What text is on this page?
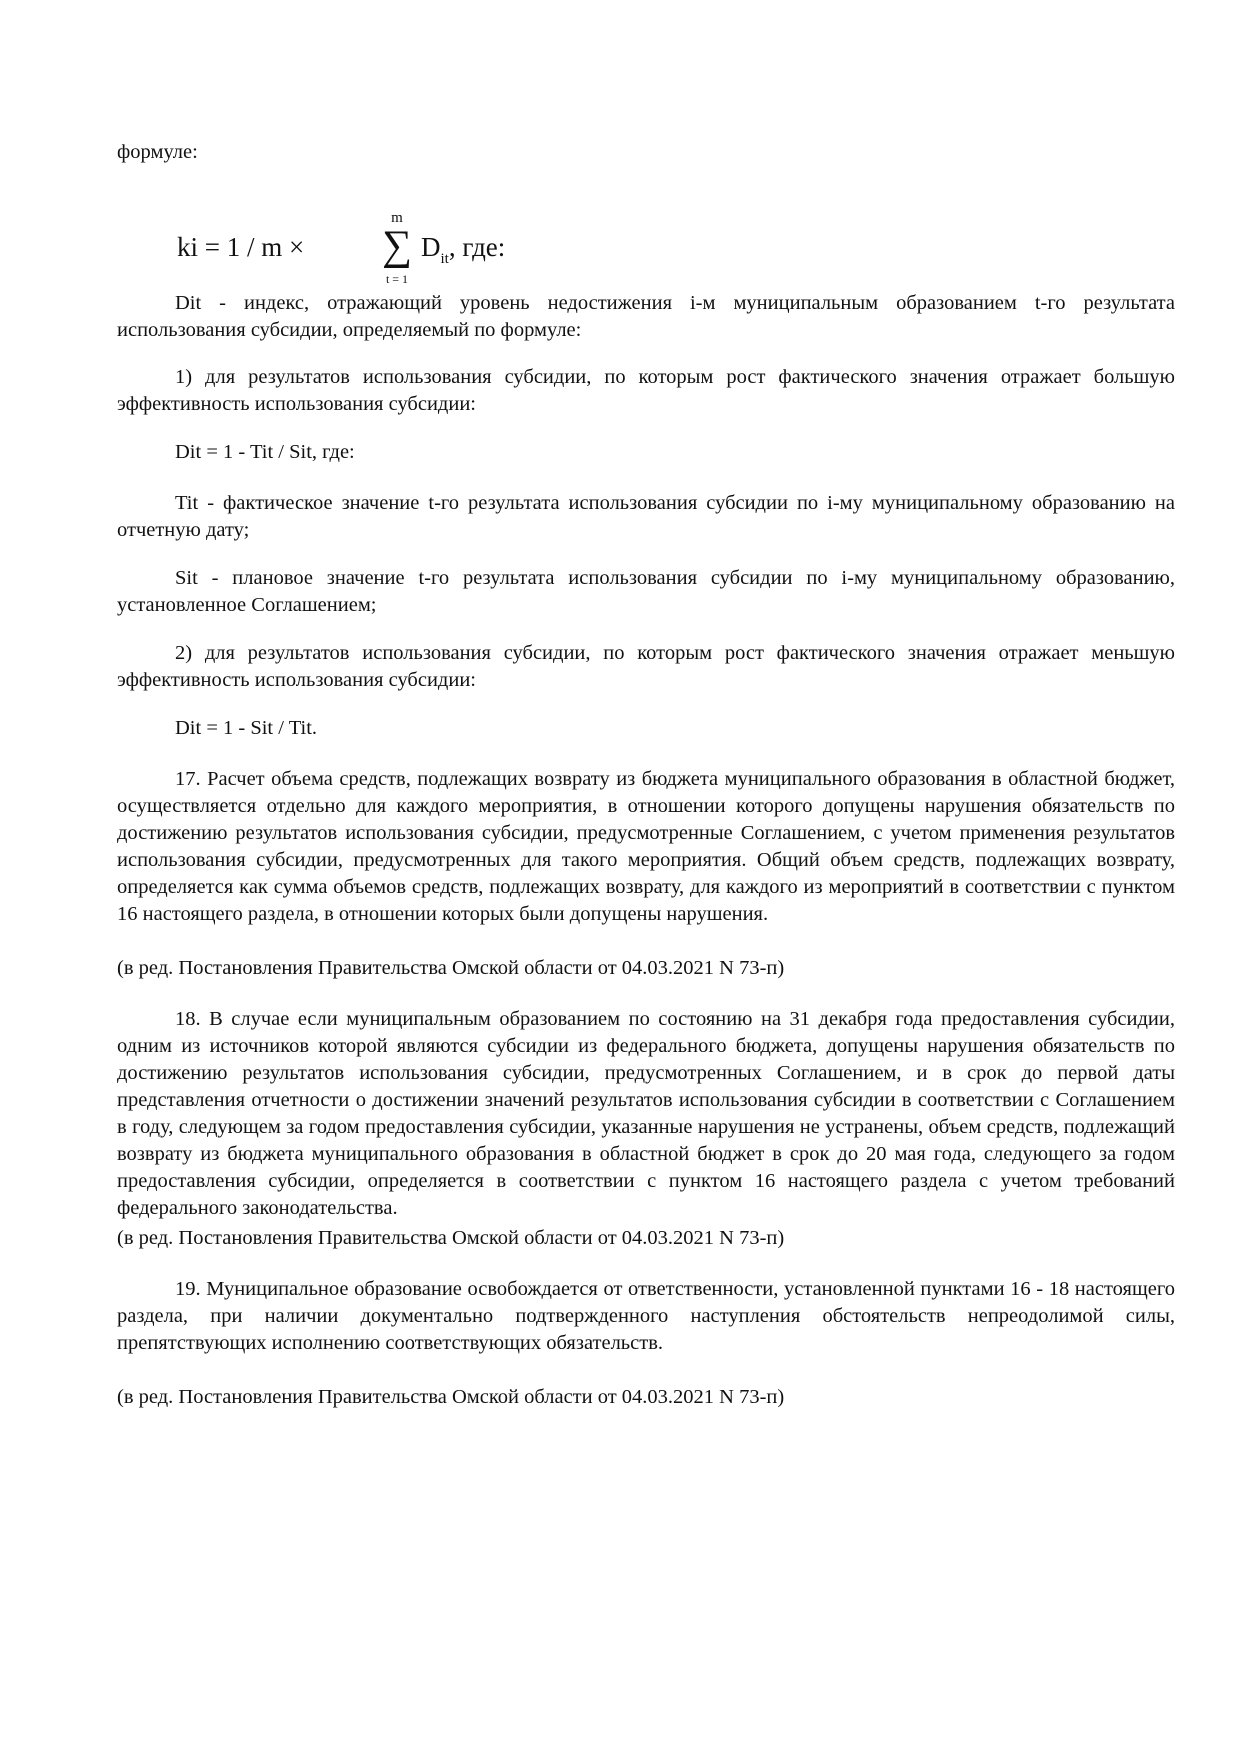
формуле:

ki = 1 / m ×
m
∑
t = 1
$D_{it}$, где:

Dit - индекс, отражающий уровень недостижения i-м муниципальным образованием t-го результата использования субсидии, определяемый по формуле:

1) для результатов использования субсидии, по которым рост фактического значения отражает большую эффективность использования субсидии:

Dit = 1 - Tit / Sit, где:

Tit - фактическое значение t-го результата использования субсидии по i-му муниципальному образованию на отчетную дату;

Sit - плановое значение t-го результата использования субсидии по i-му муниципальному образованию, установленное Соглашением;

2) для результатов использования субсидии, по которым рост фактического значения отражает меньшую эффективность использования субсидии:

Dit = 1 - Sit / Tit.

17. Расчет объема средств, подлежащих возврату из бюджета муниципального образования в областной бюджет, осуществляется отдельно для каждого мероприятия, в отношении которого допущены нарушения обязательств по достижению результатов использования субсидии, предусмотренные Соглашением, с учетом применения результатов использования субсидии, предусмотренных для такого мероприятия. Общий объем средств, подлежащих возврату, определяется как сумма объемов средств, подлежащих возврату, для каждого из мероприятий в соответствии с пунктом 16 настоящего раздела, в отношении которых были допущены нарушения.

(в ред. Постановления Правительства Омской области от 04.03.2021 N 73-п)

18. В случае если муниципальным образованием по состоянию на 31 декабря года предоставления субсидии, одним из источников которой являются субсидии из федерального бюджета, допущены нарушения обязательств по достижению результатов использования субсидии, предусмотренных Соглашением, и в срок до первой даты представления отчетности о достижении значений результатов использования субсидии в соответствии с Соглашением в году, следующем за годом предоставления субсидии, указанные нарушения не устранены, объем средств, подлежащий возврату из бюджета муниципального образования в областной бюджет в срок до 20 мая года, следующего за годом предоставления субсидии, определяется в соответствии с пунктом 16 настоящего раздела с учетом требований федерального законодательства.

(в ред. Постановления Правительства Омской области от 04.03.2021 N 73-п)

19. Муниципальное образование освобождается от ответственности, установленной пунктами 16 - 18 настоящего раздела, при наличии документально подтвержденного наступления обстоятельств непреодолимой силы, препятствующих исполнению соответствующих обязательств.

(в ред. Постановления Правительства Омской области от 04.03.2021 N 73-п)
